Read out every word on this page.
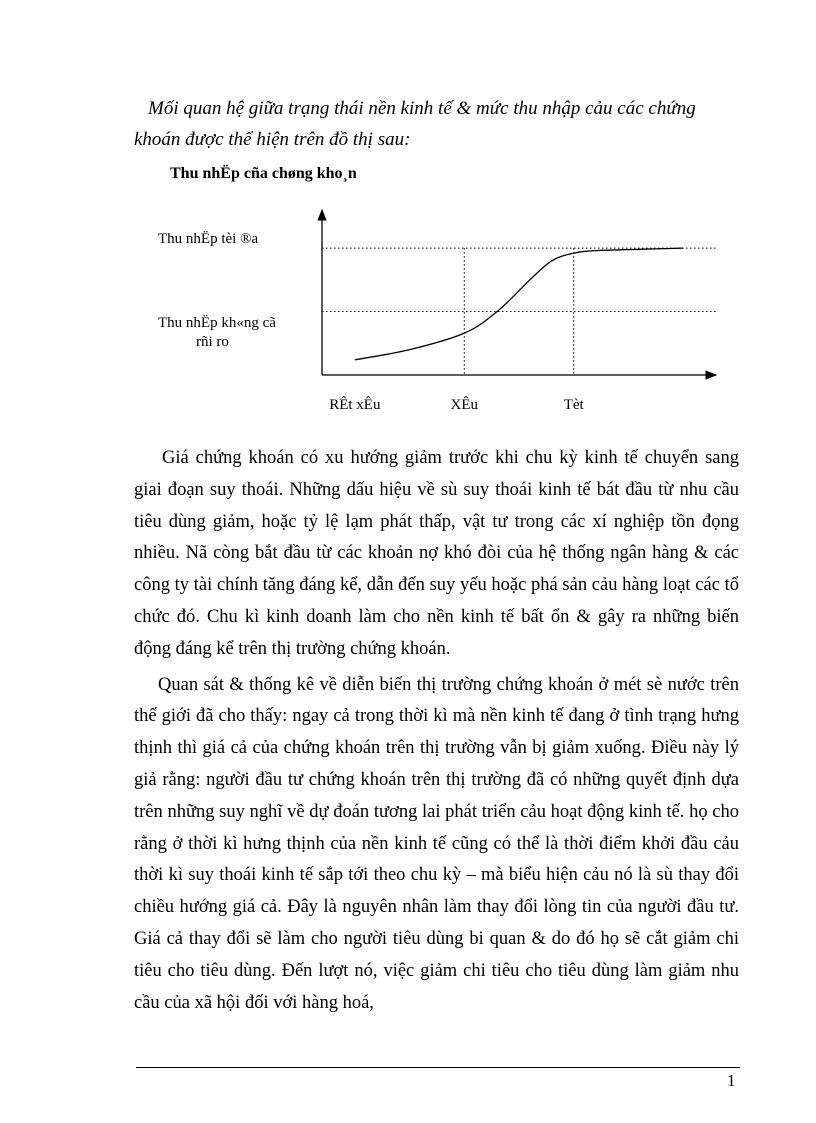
Mối quan hệ giữa trạng thái nền kinh tế & mức thu nhập cảu các chứng
khoán được thể hiện trên đồ thị sau:

Thu nhËp cña chøng kho¸n
Thu nhËp tèi ®a
Thu nhËp kh«ng cã
rñi ro
RÊt xÊu	XÊu	Tèt

Giá chứng khoán có xu hướng giảm trước khi chu kỳ kinh tế chuyển sang giai đoạn suy thoái. Những dấu hiệu về sù suy thoái kinh tế bát đầu từ nhu cầu tiêu dùng giảm, hoặc tỷ lệ lạm phát thấp, vật tư trong các xí nghiệp tồn đọng nhiều. Nã còng bắt đầu từ các khoản nợ khó đòi của hệ thống ngân hàng & các công ty tài chính tăng đáng kể, dẫn đến suy yếu hoặc phá sản cảu hàng loạt các tổ chức đó. Chu kì kinh doanh làm cho nền kinh tế bất ổn & gây ra những biến động đáng kể trên thị trường chứng khoán.

Quan sát & thống kê về diễn biến thị trường chứng khoán ở mét sè nước trên thế giới đã cho thấy: ngay cả trong thời kì mà nền kinh tế đang ở tình trạng hưng thịnh thì giá cả của chứng khoán trên thị trường vẫn bị giảm xuống. Điều này lý giả rằng: người đầu tư chứng khoán trên thị trường đã có những quyết định dựa trên những suy nghĩ về dự đoán tương lai phát triển cảu hoạt động kinh tế. họ cho rằng ở thời kì hưng thịnh của nền kinh tế cũng có thể là thời điểm khởi đầu cảu thời kì suy thoái kinh tế sắp tới theo chu kỳ – mà biểu hiện cảu nó là sù thay đổi chiều hướng giá cả. Đây là nguyên nhân làm thay đổi lòng tin của người đầu tư. Giá cả thay đổi sẽ làm cho người tiêu dùng bi quan & do đó họ sẽ cắt giảm chi tiêu cho tiêu dùng. Đến lượt nó, việc giảm chi tiêu cho tiêu dùng làm giảm nhu cầu của xã hội đối với hàng hoá,

1
